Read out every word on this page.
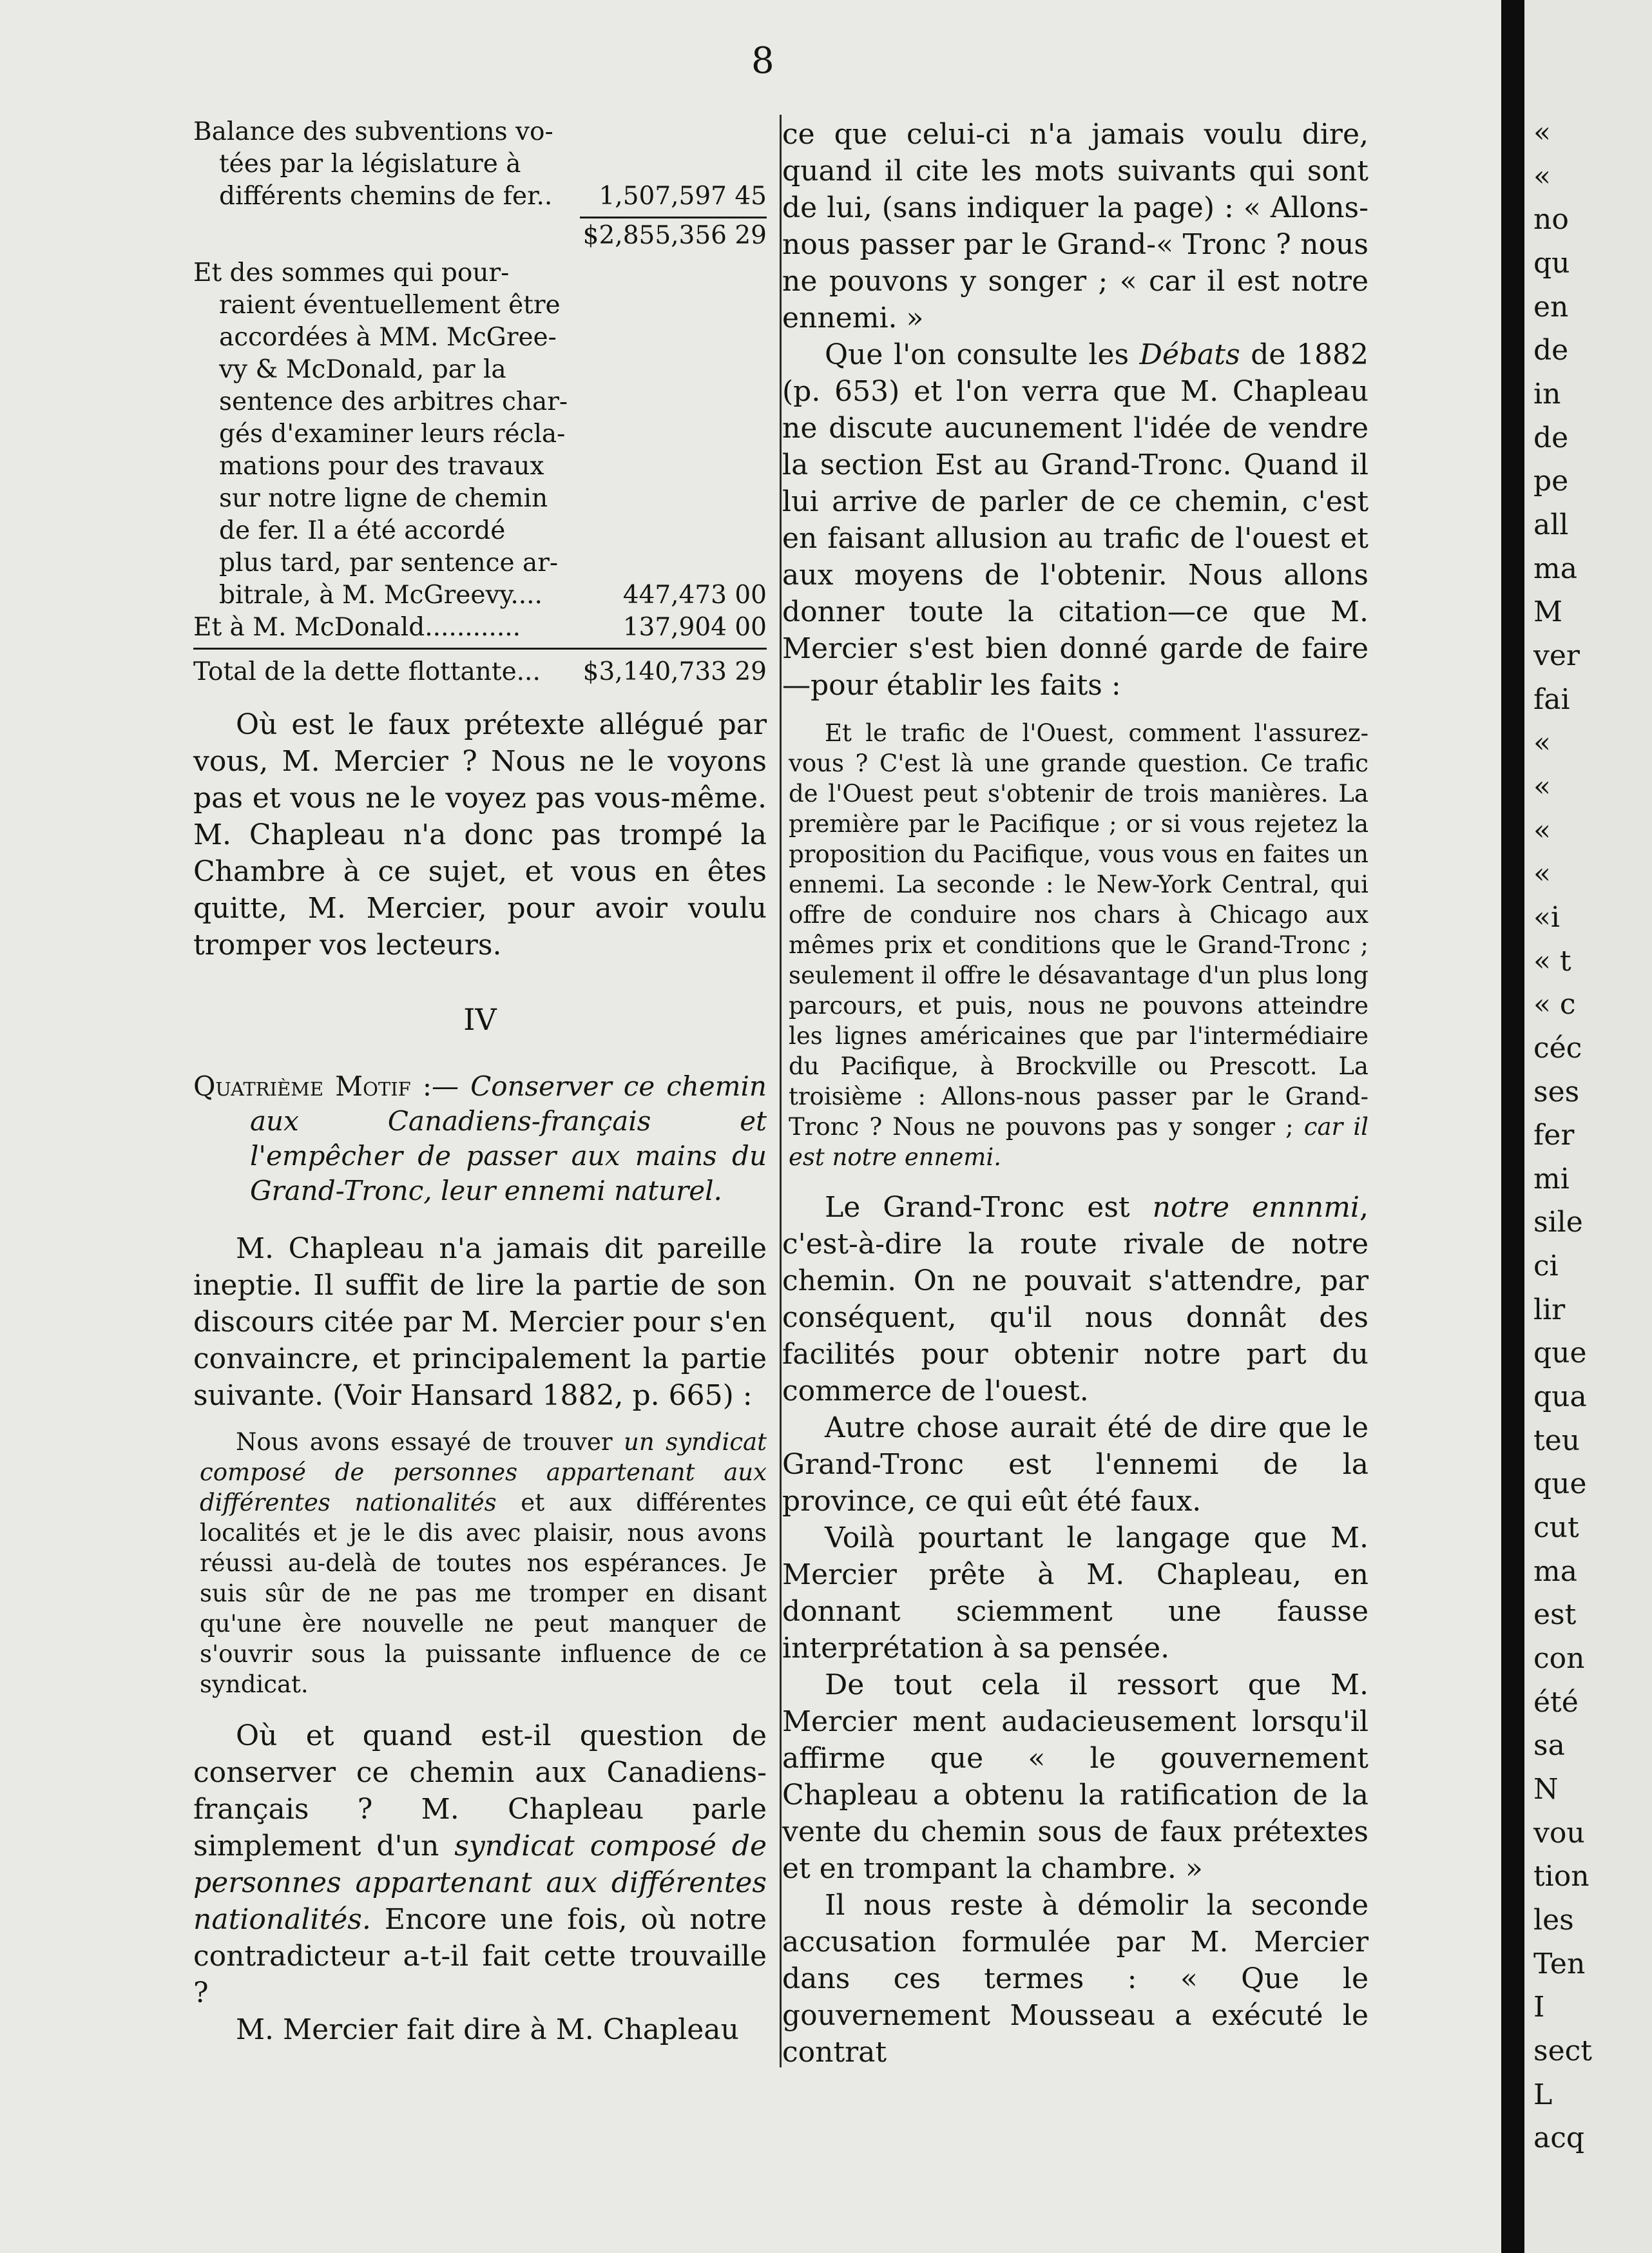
8
Balance des subventions vo-
tées par la législature à
différents chemins de fer.. 1,507,597 45
$2,855,356 29
Et des sommes qui pour-
raient éventuellement être
accordées à MM. McGree-
vy & McDonald, par la
sentence des arbitres char-
gés d'examiner leurs récla-
mations pour des travaux
sur notre ligne de chemin
de fer. Il a été accordé
plus tard, par sentence ar-
bitrale, à M. McGreevy....	447,473 00
Et à M. McDonald............	137,904 00
Total de la dette flottante... $3,140,733 29

Où est le faux prétexte allégué par vous, M. Mercier ? Nous ne le voyons pas et vous ne le voyez pas vous-même. M. Chapleau n'a donc pas trompé la Chambre à ce sujet, et vous en êtes quitte, M. Mercier, pour avoir voulu tromper vos lecteurs.

IV

Quatrième Motif :— Conserver ce chemin aux Canadiens-français et l'empêcher de passer aux mains du Grand-Tronc, leur ennemi naturel.

M. Chapleau n'a jamais dit pareille ineptie. Il suffit de lire la partie de son discours citée par M. Mercier pour s'en convaincre, et principalement la partie suivante. (Voir Hansard 1882, p. 665) :

Nous avons essayé de trouver un syndicat composé de personnes appartenant aux différentes nationalités et aux différentes localités et je le dis avec plaisir, nous avons réussi au-delà de toutes nos espérances. Je suis sûr de ne pas me tromper en disant qu'une ère nouvelle ne peut manquer de s'ouvrir sous la puissante influence de ce syndicat.

Où et quand est-il question de conserver ce chemin aux Canadiens-français ? M. Chapleau parle simplement d'un syndicat composé de personnes appartenant aux différentes nationalités. Encore une fois, où notre contradicteur a-t-il fait cette trouvaille ?

M. Mercier fait dire à M. Chapleau

ce que celui-ci n'a jamais voulu dire, quand il cite les mots suivants qui sont de lui, (sans indiquer la page) : « Allons-nous passer par le Grand-« Tronc ? nous ne pouvons y songer ; « car il est notre ennemi. »

Que l'on consulte les Débats de 1882 (p. 653) et l'on verra que M. Chapleau ne discute aucunement l'idée de vendre la section Est au Grand-Tronc. Quand il lui arrive de parler de ce chemin, c'est en faisant allusion au trafic de l'ouest et aux moyens de l'obtenir. Nous allons donner toute la citation—ce que M. Mercier s'est bien donné garde de faire—pour établir les faits :

Et le trafic de l'Ouest, comment l'assurez-vous ? C'est là une grande question. Ce trafic de l'Ouest peut s'obtenir de trois manières. La première par le Pacifique ; or si vous rejetez la proposition du Pacifique, vous vous en faites un ennemi. La seconde : le New-York Central, qui offre de conduire nos chars à Chicago aux mêmes prix et conditions que le Grand-Tronc ; seulement il offre le désavantage d'un plus long parcours, et puis, nous ne pouvons atteindre les lignes américaines que par l'intermédiaire du Pacifique, à Brockville ou Prescott. La troisième : Allons-nous passer par le Grand-Tronc ? Nous ne pouvons pas y songer ; car il est notre ennemi.

Le Grand-Tronc est notre ennnmi, c'est-à-dire la route rivale de notre chemin. On ne pouvait s'attendre, par conséquent, qu'il nous donnât des facilités pour obtenir notre part du commerce de l'ouest.

Autre chose aurait été de dire que le Grand-Tronc est l'ennemi de la province, ce qui eût été faux.

Voilà pourtant le langage que M. Mercier prête à M. Chapleau, en donnant sciemment une fausse interprétation à sa pensée.

De tout cela il ressort que M. Mercier ment audacieusement lorsqu'il affirme que « le gouvernement Chapleau a obtenu la ratification de la vente du chemin sous de faux prétextes et en trompant la chambre. »

Il nous reste à démolir la seconde accusation formulée par M. Mercier dans ces termes : « Que le gouvernement Mousseau a exécuté le contrat

«
«
no
qu
en
de
in
de
pe
all
ma
M
ver
fai
«
«
«
«
«i
« t
« c
céc
ses
fer
mi
sile
ci
lir
que
qua
teu
que
cut
ma
est
con
été
sa
N
vou
tion
les
Ten
I
sect
L
acq
